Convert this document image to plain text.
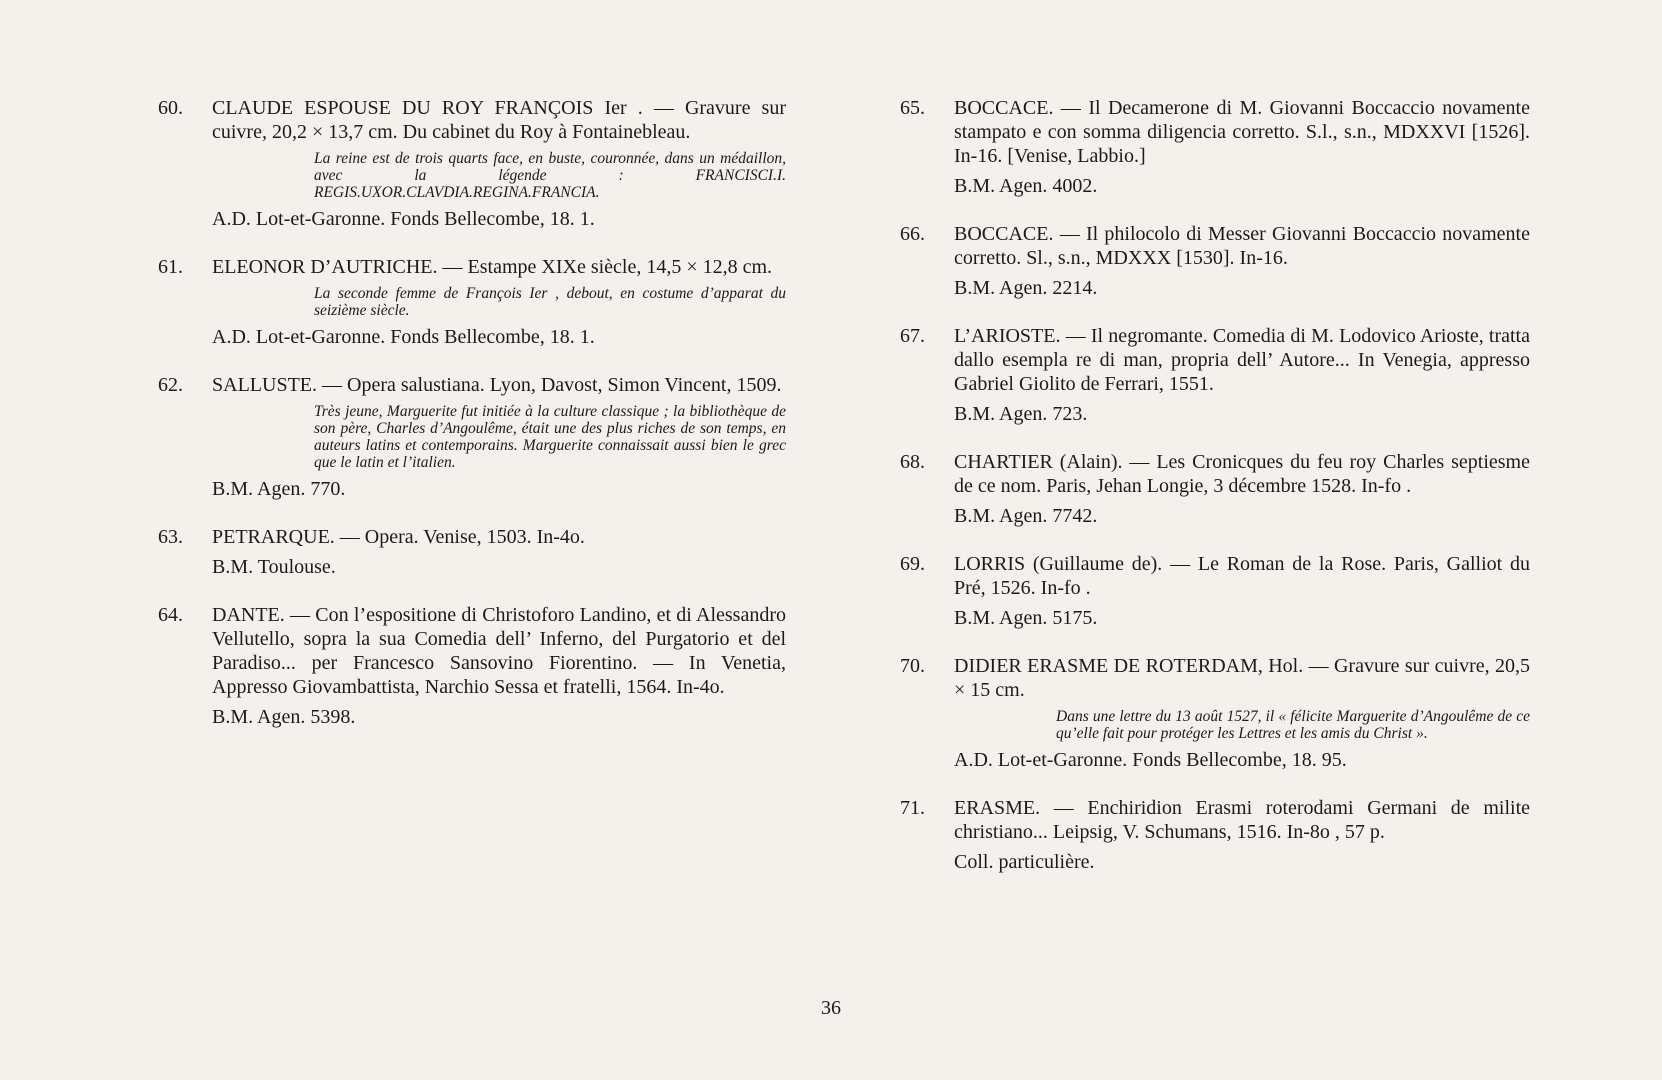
60. CLAUDE ESPOUSE DU ROY FRANÇOIS Ier . — Gravure sur cuivre, 20,2 × 13,7 cm. Du cabinet du Roy à Fontainebleau.
La reine est de trois quarts face, en buste, couronnée, dans un médaillon, avec la légende : FRANCISCI.I. REGIS.UXOR.CLAVDIA.REGINA.FRANCIA.
A.D. Lot-et-Garonne. Fonds Bellecombe, 18. 1.
61. ELEONOR D’AUTRICHE. — Estampe XIXe siècle, 14,5 × 12,8 cm.
La seconde femme de François Ier , debout, en costume d’apparat du seizième siècle.
A.D. Lot-et-Garonne. Fonds Bellecombe, 18. 1.
62. SALLUSTE. — Opera salustiana. Lyon, Davost, Simon Vincent, 1509.
Très jeune, Marguerite fut initiée à la culture classique ; la bibliothèque de son père, Charles d’Angoulême, était une des plus riches de son temps, en auteurs latins et contemporains. Marguerite connaissait aussi bien le grec que le latin et l’italien.
B.M. Agen. 770.
63. PETRARQUE. — Opera. Venise, 1503. In-4o.
B.M. Toulouse.
64. DANTE. — Con l’espositione di Christoforo Landino, et di Alessandro Vellutello, sopra la sua Comedia dell’ Inferno, del Purgatorio et del Paradiso... per Francesco Sansovino Fiorentino. — In Venetia, Appresso Giovambattista, Narchio Sessa et fratelli, 1564. In-4o.
B.M. Agen. 5398.
65. BOCCACE. — Il Decamerone di M. Giovanni Boccaccio novamente stampato e con somma diligencia corretto. S.l., s.n., MDXXVI [1526]. In-16. [Venise, Labbio.]
B.M. Agen. 4002.
66. BOCCACE. — Il philocolo di Messer Giovanni Boccaccio novamente corretto. Sl., s.n., MDXXX [1530]. In-16.
B.M. Agen. 2214.
67. L’ARIOSTE. — Il negromante. Comedia di M. Lodovico Arioste, tratta dallo esempla re di man, propria dell’ Autore... In Venegia, appresso Gabriel Giolito de Ferrari, 1551.
B.M. Agen. 723.
68. CHARTIER (Alain). — Les Cronicques du feu roy Charles septiesme de ce nom. Paris, Jehan Longie, 3 décembre 1528. In-fo .
B.M. Agen. 7742.
69. LORRIS (Guillaume de). — Le Roman de la Rose. Paris, Galliot du Pré, 1526. In-fo .
B.M. Agen. 5175.
70. DIDIER ERASME DE ROTERDAM, Hol. — Gravure sur cuivre, 20,5 × 15 cm.
Dans une lettre du 13 août 1527, il « félicite Marguerite d’Angoulême de ce qu’elle fait pour protéger les Lettres et les amis du Christ ».
A.D. Lot-et-Garonne. Fonds Bellecombe, 18. 95.
71. ERASME. — Enchiridion Erasmi roterodami Germani de milite christiano... Leipsig, V. Schumans, 1516. In-8o , 57 p.
Coll. particulière.
36
